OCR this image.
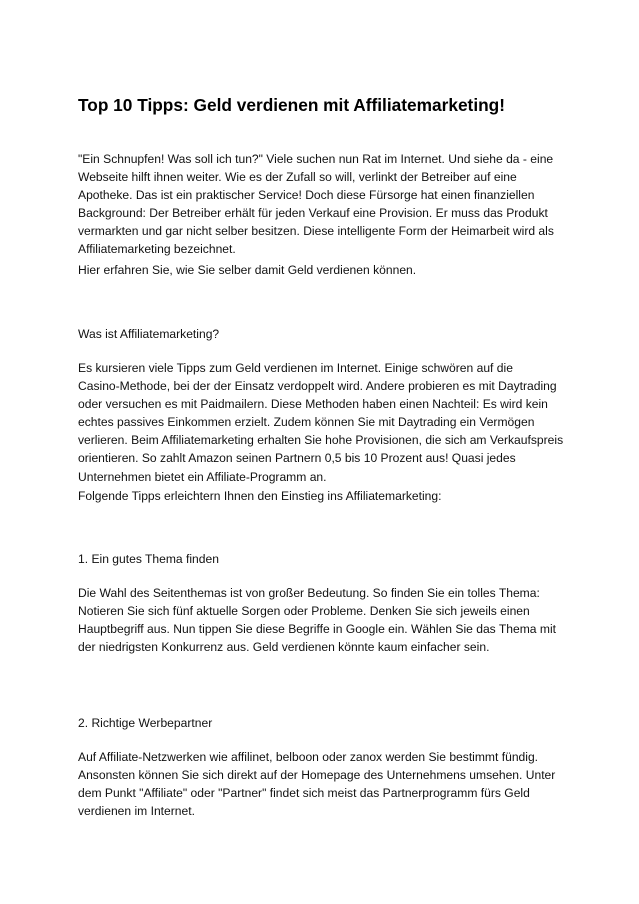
Top 10 Tipps: Geld verdienen mit Affiliatemarketing!

"Ein Schnupfen! Was soll ich tun?" Viele suchen nun Rat im Internet. Und siehe da - eine
Webseite hilft ihnen weiter. Wie es der Zufall so will, verlinkt der Betreiber auf eine
Apotheke. Das ist ein praktischer Service! Doch diese Fürsorge hat einen finanziellen
Background: Der Betreiber erhält für jeden Verkauf eine Provision. Er muss das Produkt
vermarkten und gar nicht selber besitzen. Diese intelligente Form der Heimarbeit wird als
Affiliatemarketing bezeichnet.

Hier erfahren Sie, wie Sie selber damit Geld verdienen können.

Was ist Affiliatemarketing?

Es kursieren viele Tipps zum Geld verdienen im Internet. Einige schwören auf die
Casino-Methode, bei der der Einsatz verdoppelt wird. Andere probieren es mit Daytrading
oder versuchen es mit Paidmailern. Diese Methoden haben einen Nachteil: Es wird kein
echtes passives Einkommen erzielt. Zudem können Sie mit Daytrading ein Vermögen
verlieren. Beim Affiliatemarketing erhalten Sie hohe Provisionen, die sich am Verkaufspreis
orientieren. So zahlt Amazon seinen Partnern 0,5 bis 10 Prozent aus! Quasi jedes
Unternehmen bietet ein Affiliate-Programm an.

Folgende Tipps erleichtern Ihnen den Einstieg ins Affiliatemarketing:

1. Ein gutes Thema finden

Die Wahl des Seitenthemas ist von großer Bedeutung. So finden Sie ein tolles Thema:
Notieren Sie sich fünf aktuelle Sorgen oder Probleme. Denken Sie sich jeweils einen
Hauptbegriff aus. Nun tippen Sie diese Begriffe in Google ein. Wählen Sie das Thema mit
der niedrigsten Konkurrenz aus. Geld verdienen könnte kaum einfacher sein.

2. Richtige Werbepartner

Auf Affiliate-Netzwerken wie affilinet, belboon oder zanox werden Sie bestimmt fündig.
Ansonsten können Sie sich direkt auf der Homepage des Unternehmens umsehen. Unter
dem Punkt "Affiliate" oder "Partner" findet sich meist das Partnerprogramm fürs Geld
verdienen im Internet.
